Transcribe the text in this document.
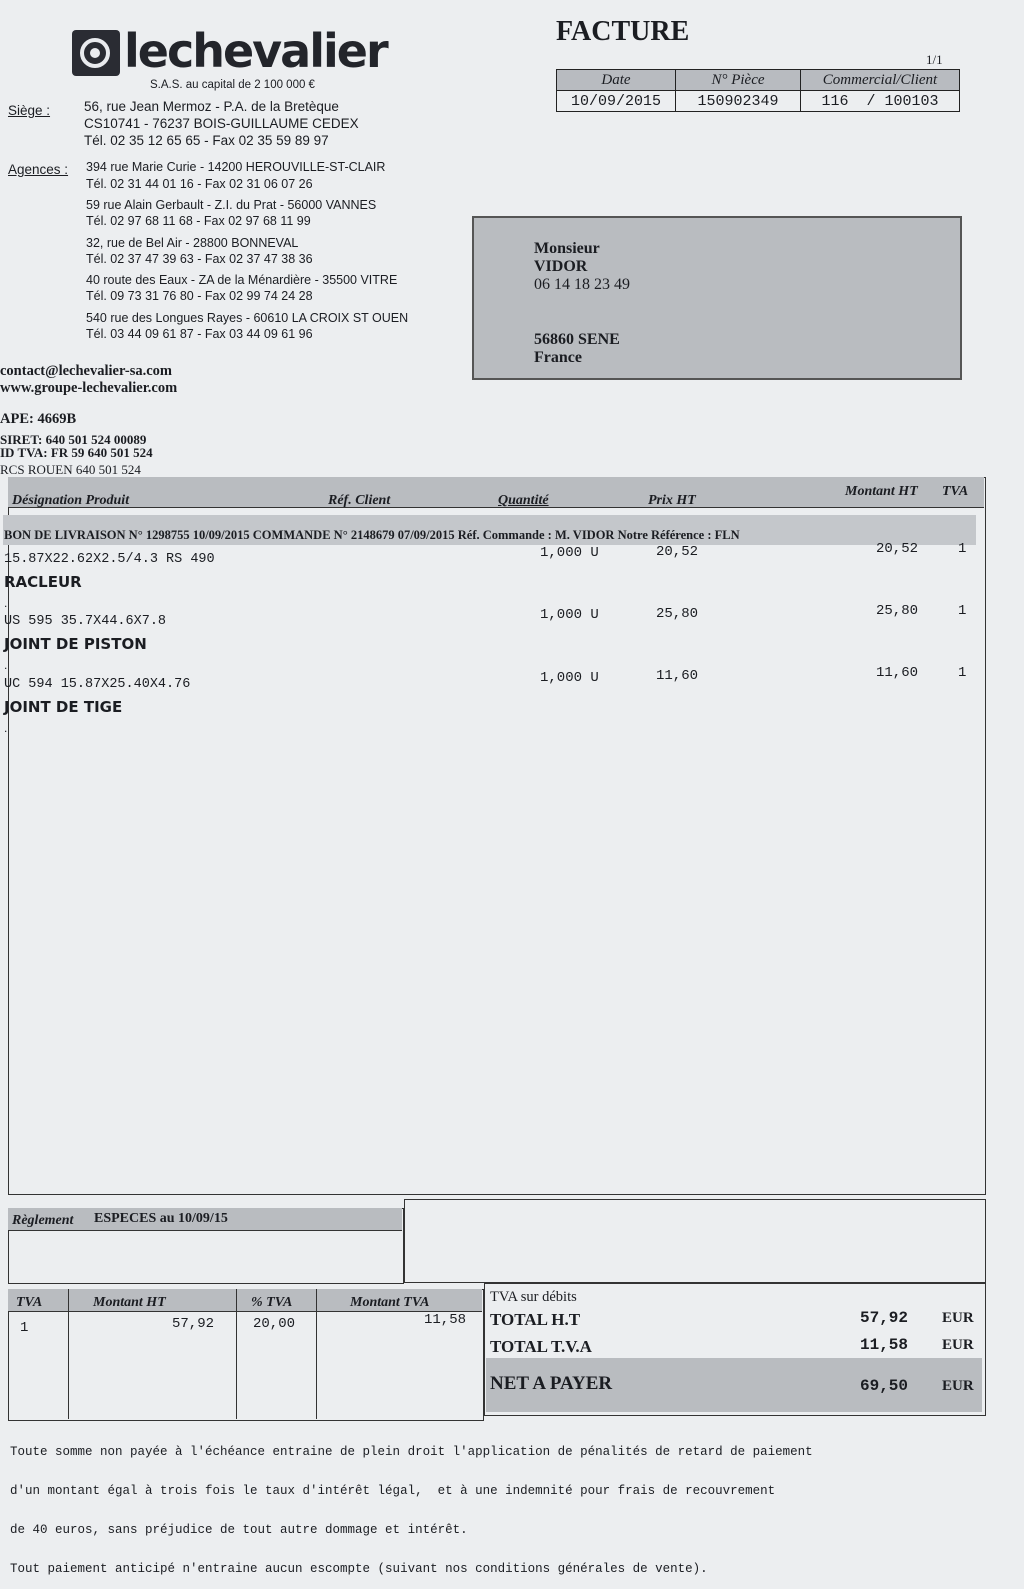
lechevalier
S.A.S. au capital de 2 100 000 €
Siège :	56, rue Jean Mermoz - P.A. de la Bretèque
CS10741 - 76237 BOIS-GUILLAUME CEDEX
Tél. 02 35 12 65 65 - Fax 02 35 59 89 97
Agences : 394 rue Marie Curie - 14200 HEROUVILLE-ST-CLAIR
Tél. 02 31 44 01 16 - Fax 02 31 06 07 26
59 rue Alain Gerbault - Z.I. du Prat - 56000 VANNES
Tél. 02 97 68 11 68 - Fax 02 97 68 11 99
32, rue de Bel Air - 28800 BONNEVAL
Tél. 02 37 47 39 63 - Fax 02 37 47 38 36
40 route des Eaux - ZA de la Ménardière - 35500 VITRE
Tél. 09 73 31 76 80 - Fax 02 99 74 24 28
540 rue des Longues Rayes - 60610 LA CROIX ST OUEN
Tél. 03 44 09 61 87 - Fax 03 44 09 61 96
contact@lechevalier-sa.com
www.groupe-lechevalier.com
APE: 4669B
SIRET: 640 501 524 00089
ID TVA: FR 59 640 501 524
RCS ROUEN 640 501 524
FACTURE
1/1
Date	N° Pièce	Commercial/Client
10/09/2015	150902349	116  / 100103
Monsieur
VIDOR
06 14 18 23 49
56860 SENE
France
Désignation Produit	Réf. Client	Quantité	Prix HT
Montant HT TVA
BON DE LIVRAISON N° 1298755 10/09/2015 COMMANDE N° 2148679 07/09/2015 Réf. Commande : M. VIDOR Notre Référence : FLN
15.87X22.62X2.5/4.3 RS 490
RACLEUR
.
1,000 U	20,52	20,52	1
US 595 35.7X44.6X7.8
JOINT DE PISTON
.
1,000 U	25,80	25,80	1
UC 594 15.87X25.40X4.76
JOINT DE TIGE
.
1,000 U	11,60	11,60	1
Règlement ESPECES au 10/09/15
TVA	Montant HT	% TVA	Montant TVA
1	57,92	20,00	11,58
TVA sur débits
TOTAL H.T	57,92 EUR
TOTAL T.V.A	11,58 EUR
NET A PAYER	69,50 EUR

Toute somme non payée à l'échéance entraine de plein droit l'application de pénalités de retard de paiement

d'un montant égal à trois fois le taux d'intérêt légal,  et à une indemnité pour frais de recouvrement

de 40 euros, sans préjudice de tout autre dommage et intérêt.

Tout paiement anticipé n'entraine aucun escompte (suivant nos conditions générales de vente).
